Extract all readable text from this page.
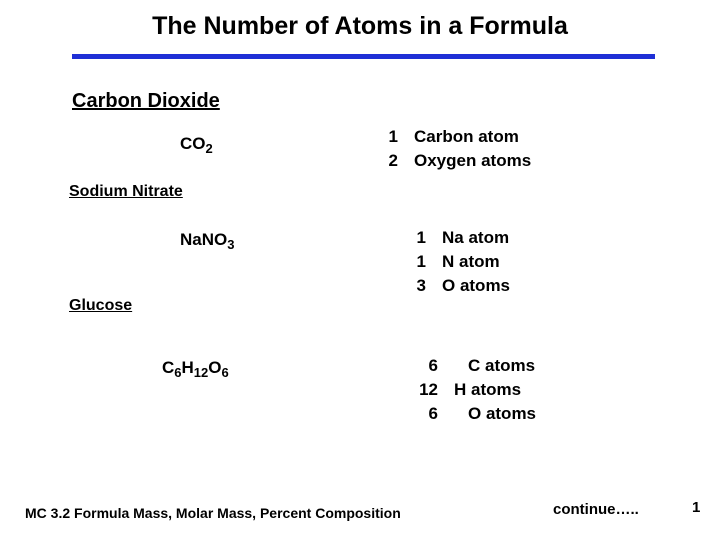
The Number of Atoms in a Formula
Carbon Dioxide
$CO_2$
1 Carbon atom
2 Oxygen atoms
Sodium Nitrate
NaNO$_3$	1 Na atom
1 N atom
3 O atoms
Glucose
$C_6H_{12}O_6$	6 C atoms
12 H atoms
6 O atoms
MC 3.2 Formula Mass, Molar Mass, Percent Composition	continue…..	1
